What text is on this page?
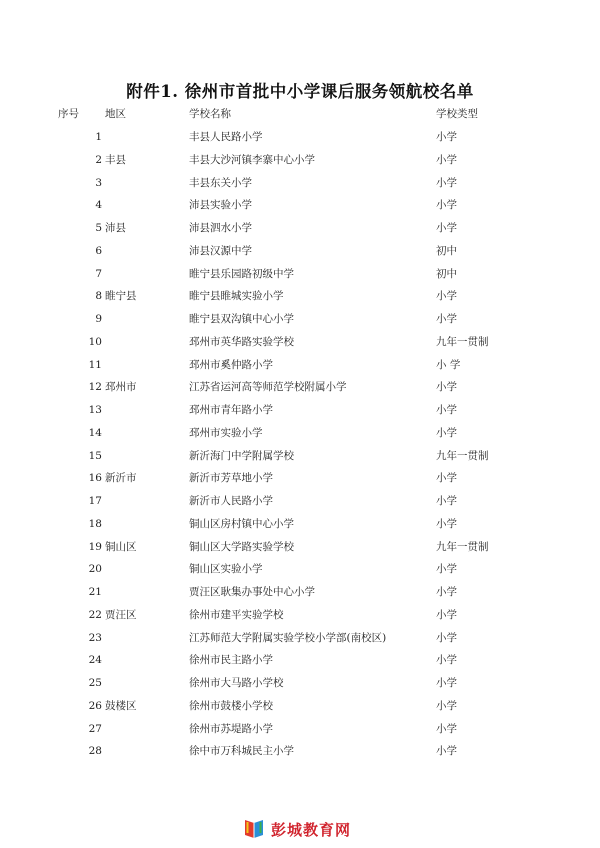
附件1. 徐州市首批中小学课后服务领航校名单
序号 地区	学校名称	学校类型
1	丰县人民路小学	小学
2 丰县	丰县大沙河镇李寨中心小学	小学
3	丰县东关小学	小学
4	沛县实验小学	小学
5 沛县	沛县泗水小学	小学
6	沛县汉源中学	初中
7	睢宁县乐园路初级中学	初中
8 睢宁县	睢宁县睢城实验小学	小学
9	睢宁县双沟镇中心小学	小学
10	邳州市英华路实验学校	九年一贯制
11	邳州市奚仲路小学	小 学
12 邳州市	江苏省运河高等师范学校附属小学	小学
13	邳州市青年路小学	小学
14	邳州市实验小学	小学
15	新沂海门中学附属学校	九年一贯制
16 新沂市	新沂市芳草地小学	小学
17	新沂市人民路小学	小学
18	铜山区房村镇中心小学	小学
19 铜山区	铜山区大学路实验学校	九年一贯制
20	铜山区实验小学	小学
21	贾汪区耿集办事处中心小学	小学
22 贾汪区	徐州市建平实验学校	小学
23	江苏师范大学附属实验学校小学部(南校区)	小学
24	徐州市民主路小学	小学
25	徐州市大马路小学校	小学
26 鼓楼区	徐州市鼓楼小学校	小学
27	徐州市苏堤路小学	小学
28	徐中市万科城民主小学	小学
彭城教育网
